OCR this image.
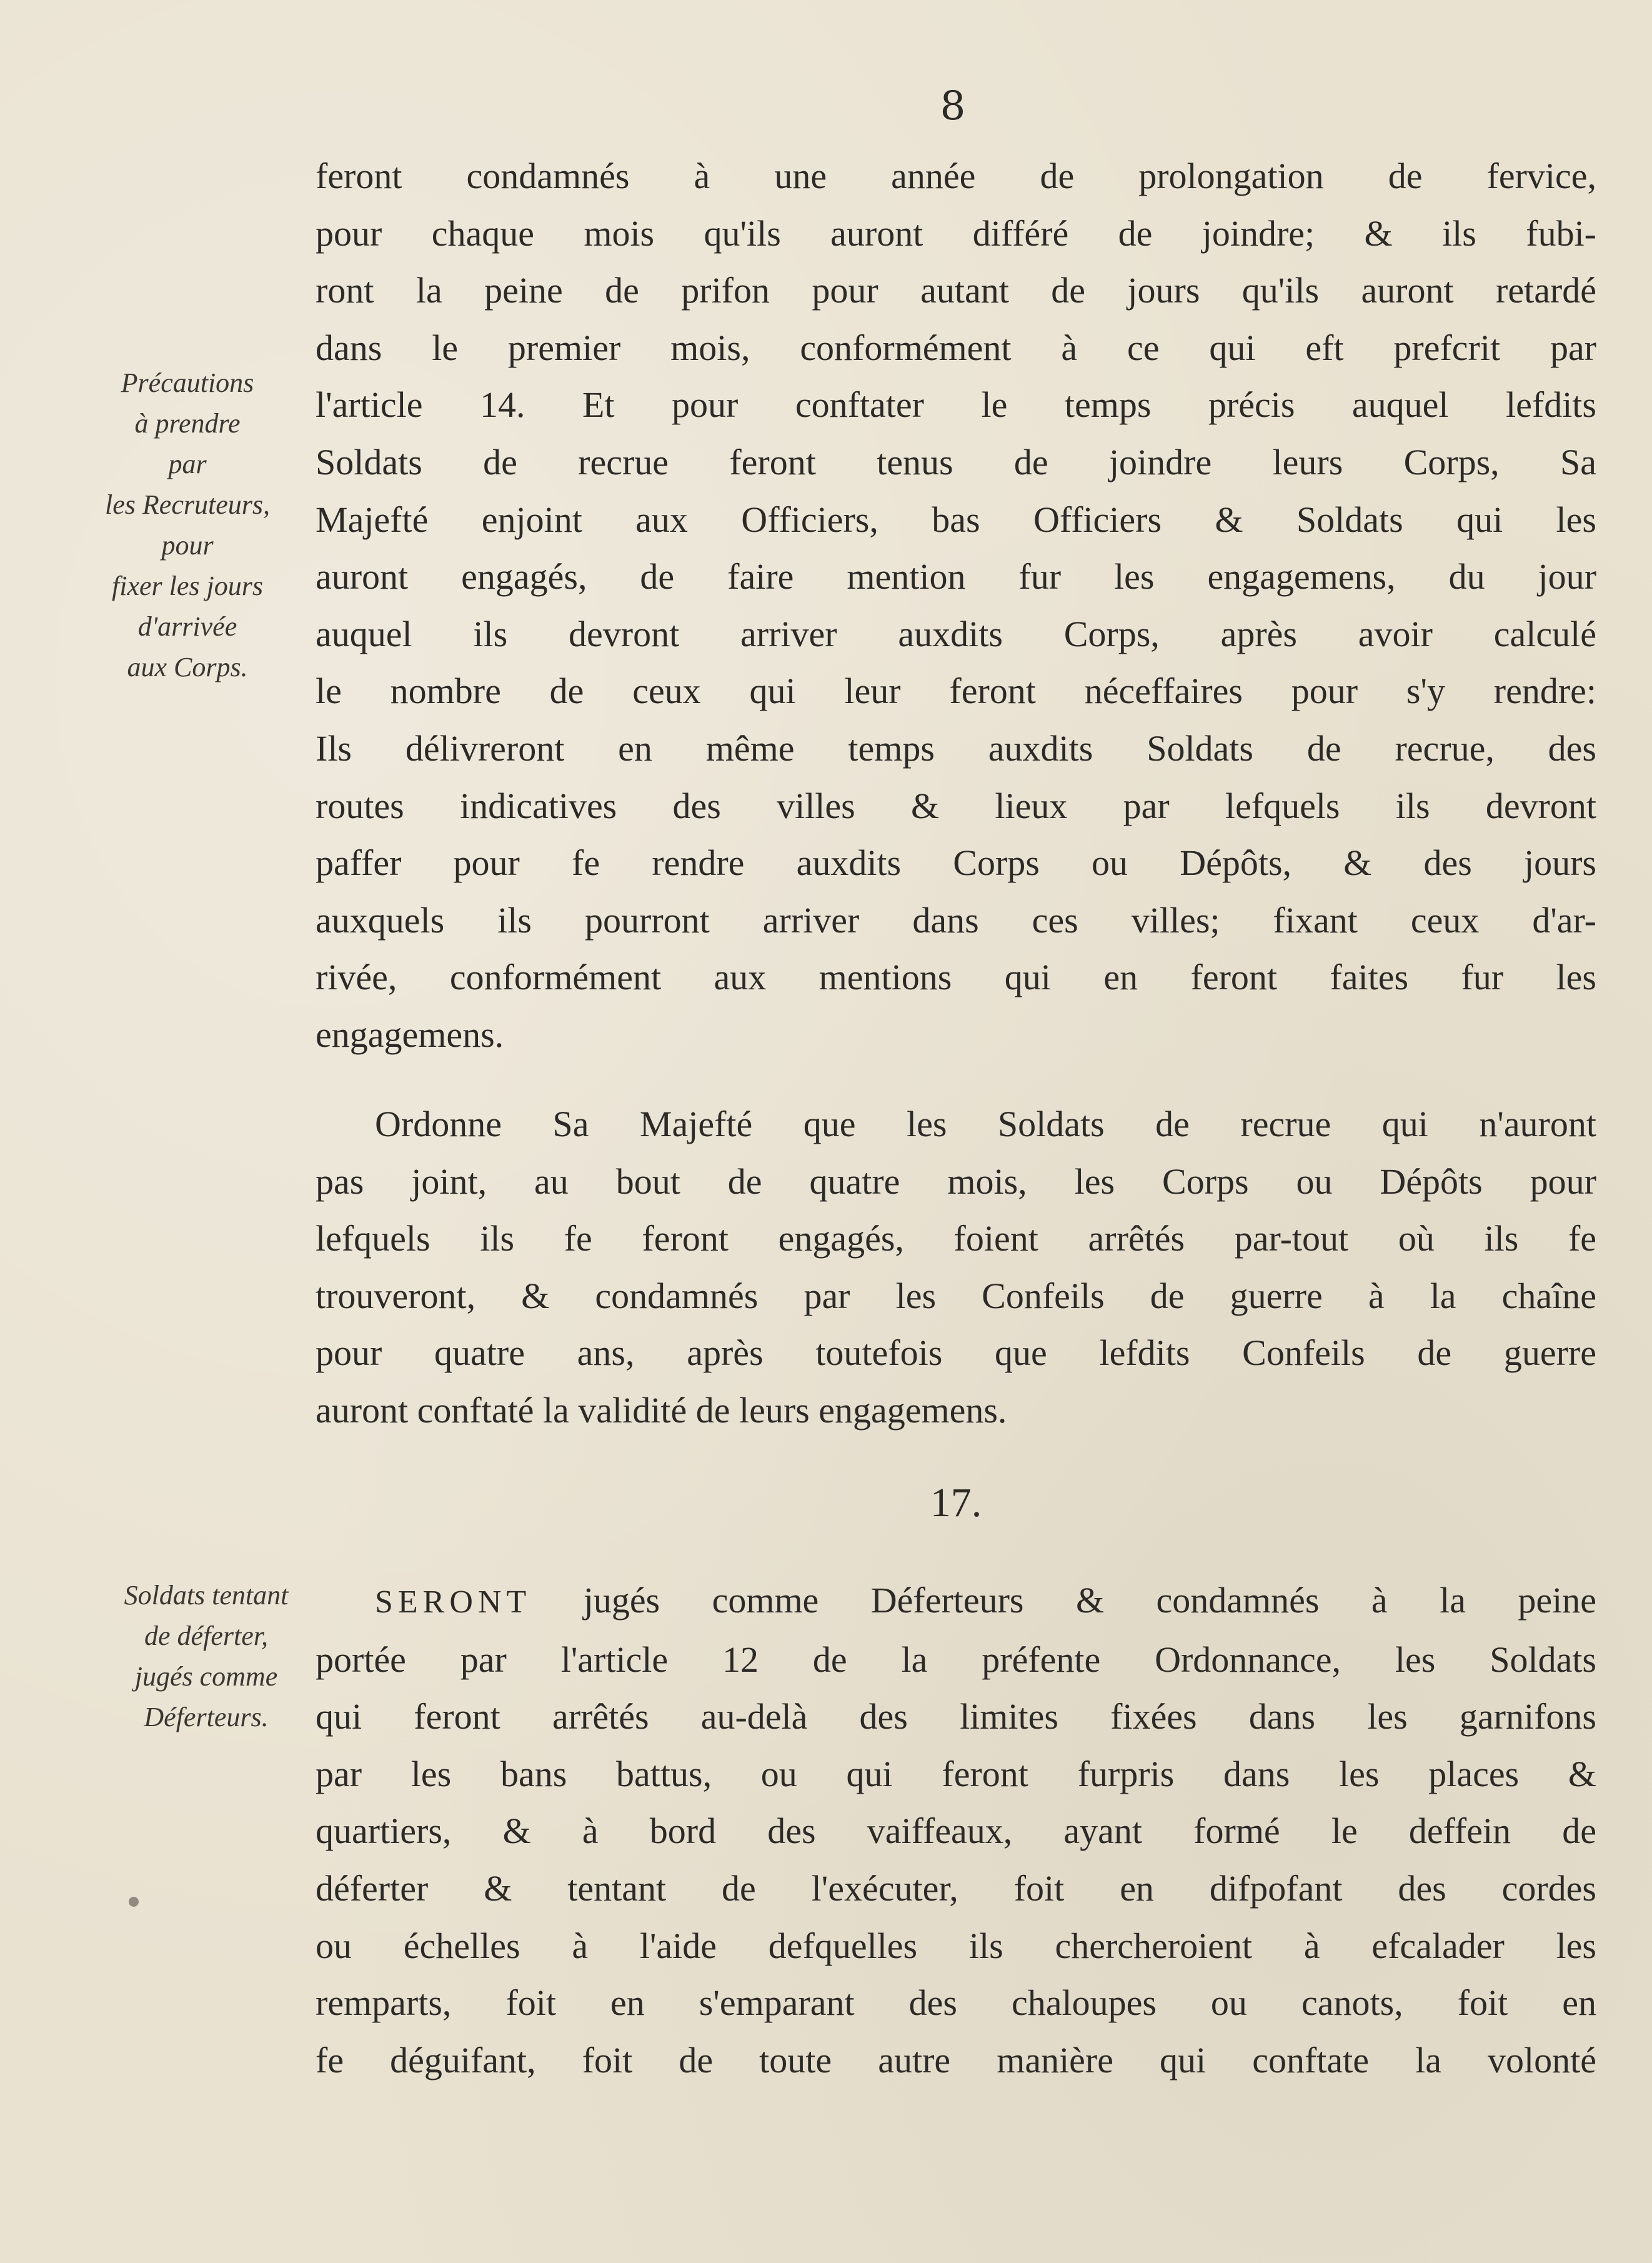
8
Précautions
à prendre
par
les Recruteurs,
pour
fixer les jours
d'arrivée
aux Corps.
feront condamnés à une année de prolongation de fervice,
pour chaque mois qu'ils auront différé de joindre; & ils fubi-
ront la peine de prifon pour autant de jours qu'ils auront retardé
dans le premier mois, conformément à ce qui eft prefcrit par
l'article 14. Et pour conftater le temps précis auquel lefdits
Soldats de recrue feront tenus de joindre leurs Corps, Sa
Majefté enjoint aux Officiers, bas Officiers & Soldats qui les
auront engagés, de faire mention fur les engagemens, du jour
auquel ils devront arriver auxdits Corps, après avoir calculé
le nombre de ceux qui leur feront néceffaires pour s'y rendre:
Ils délivreront en même temps auxdits Soldats de recrue, des
routes indicatives des villes & lieux par lefquels ils devront
paffer pour fe rendre auxdits Corps ou Dépôts, & des jours
auxquels ils pourront arriver dans ces villes; fixant ceux d'ar-
rivée, conformément aux mentions qui en feront faites fur les
engagemens.
Ordonne Sa Majefté que les Soldats de recrue qui n'auront
pas joint, au bout de quatre mois, les Corps ou Dépôts pour
lefquels ils fe feront engagés, foient arrêtés par-tout où ils fe
trouveront, & condamnés par les Confeils de guerre à la chaîne
pour quatre ans, après toutefois que lefdits Confeils de guerre
auront conftaté la validité de leurs engagemens.
17.
Soldats tentant
de déferter,
jugés comme
Déferteurs.
SERONT jugés comme Déferteurs & condamnés à la peine
portée par l'article 12 de la préfente Ordonnance, les Soldats
qui feront arrêtés au-delà des limites fixées dans les garnifons
par les bans battus, ou qui feront furpris dans les places &
quartiers, & à bord des vaiffeaux, ayant formé le deffein de
déferter & tentant de l'exécuter, foit en difpofant des cordes
ou échelles à l'aide defquelles ils chercheroient à efcalader les
remparts, foit en s'emparant des chaloupes ou canots, foit en
fe déguifant, foit de toute autre manière qui conftate la volonté
